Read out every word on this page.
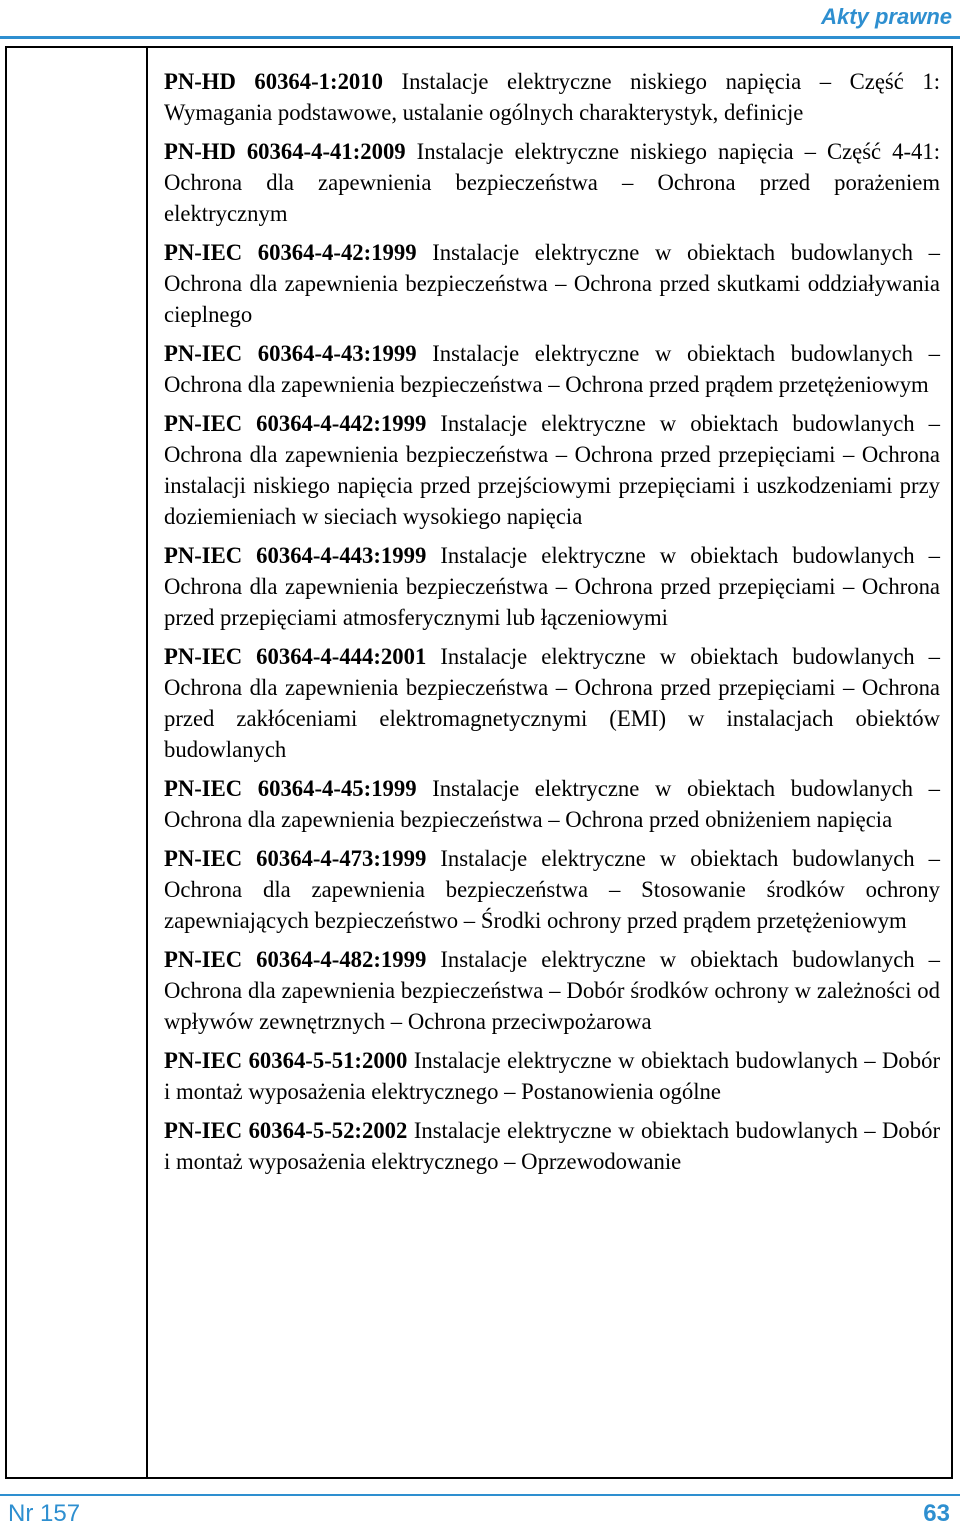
Akty prawne

PN-HD 60364-1:2010 Instalacje elektryczne niskiego napięcia – Część 1: Wymagania podstawowe, ustalanie ogólnych charakterystyk, definicje

PN-HD 60364-4-41:2009 Instalacje elektryczne niskiego napięcia – Część 4-41: Ochrona dla zapewnienia bezpieczeństwa – Ochrona przed porażeniem elektrycznym

PN-IEC 60364-4-42:1999 Instalacje elektryczne w obiektach budowlanych – Ochrona dla zapewnienia bezpieczeństwa – Ochrona przed skutkami oddziaływania cieplnego

PN-IEC 60364-4-43:1999 Instalacje elektryczne w obiektach budowlanych – Ochrona dla zapewnienia bezpieczeństwa – Ochrona przed prądem przetężeniowym

PN-IEC 60364-4-442:1999 Instalacje elektryczne w obiektach budowlanych – Ochrona dla zapewnienia bezpieczeństwa – Ochrona przed przepięciami – Ochrona instalacji niskiego napięcia przed przejściowymi przepięciami i uszkodzeniami przy doziemieniach w sieciach wysokiego napięcia

PN-IEC 60364-4-443:1999 Instalacje elektryczne w obiektach budowlanych – Ochrona dla zapewnienia bezpieczeństwa – Ochrona przed przepięciami – Ochrona przed przepięciami atmosferycznymi lub łączeniowymi

PN-IEC 60364-4-444:2001 Instalacje elektryczne w obiektach budowlanych – Ochrona dla zapewnienia bezpieczeństwa – Ochrona przed przepięciami – Ochrona przed zakłóceniami elektromagnetycznymi (EMI) w instalacjach obiektów budowlanych

PN-IEC 60364-4-45:1999 Instalacje elektryczne w obiektach budowlanych – Ochrona dla zapewnienia bezpieczeństwa – Ochrona przed obniżeniem napięcia

PN-IEC 60364-4-473:1999 Instalacje elektryczne w obiektach budowlanych – Ochrona dla zapewnienia bezpieczeństwa – Stosowanie środków ochrony zapewniających bezpieczeństwo – Środki ochrony przed prądem przetężeniowym

PN-IEC 60364-4-482:1999 Instalacje elektryczne w obiektach budowlanych – Ochrona dla zapewnienia bezpieczeństwa – Dobór środków ochrony w zależności od wpływów zewnętrznych – Ochrona przeciwpożarowa

PN-IEC 60364-5-51:2000 Instalacje elektryczne w obiektach budowlanych – Dobór i montaż wyposażenia elektrycznego – Postanowienia ogólne

PN-IEC 60364-5-52:2002 Instalacje elektryczne w obiektach budowlanych – Dobór i montaż wyposażenia elektrycznego – Oprzewodowanie

Nr 157	63
